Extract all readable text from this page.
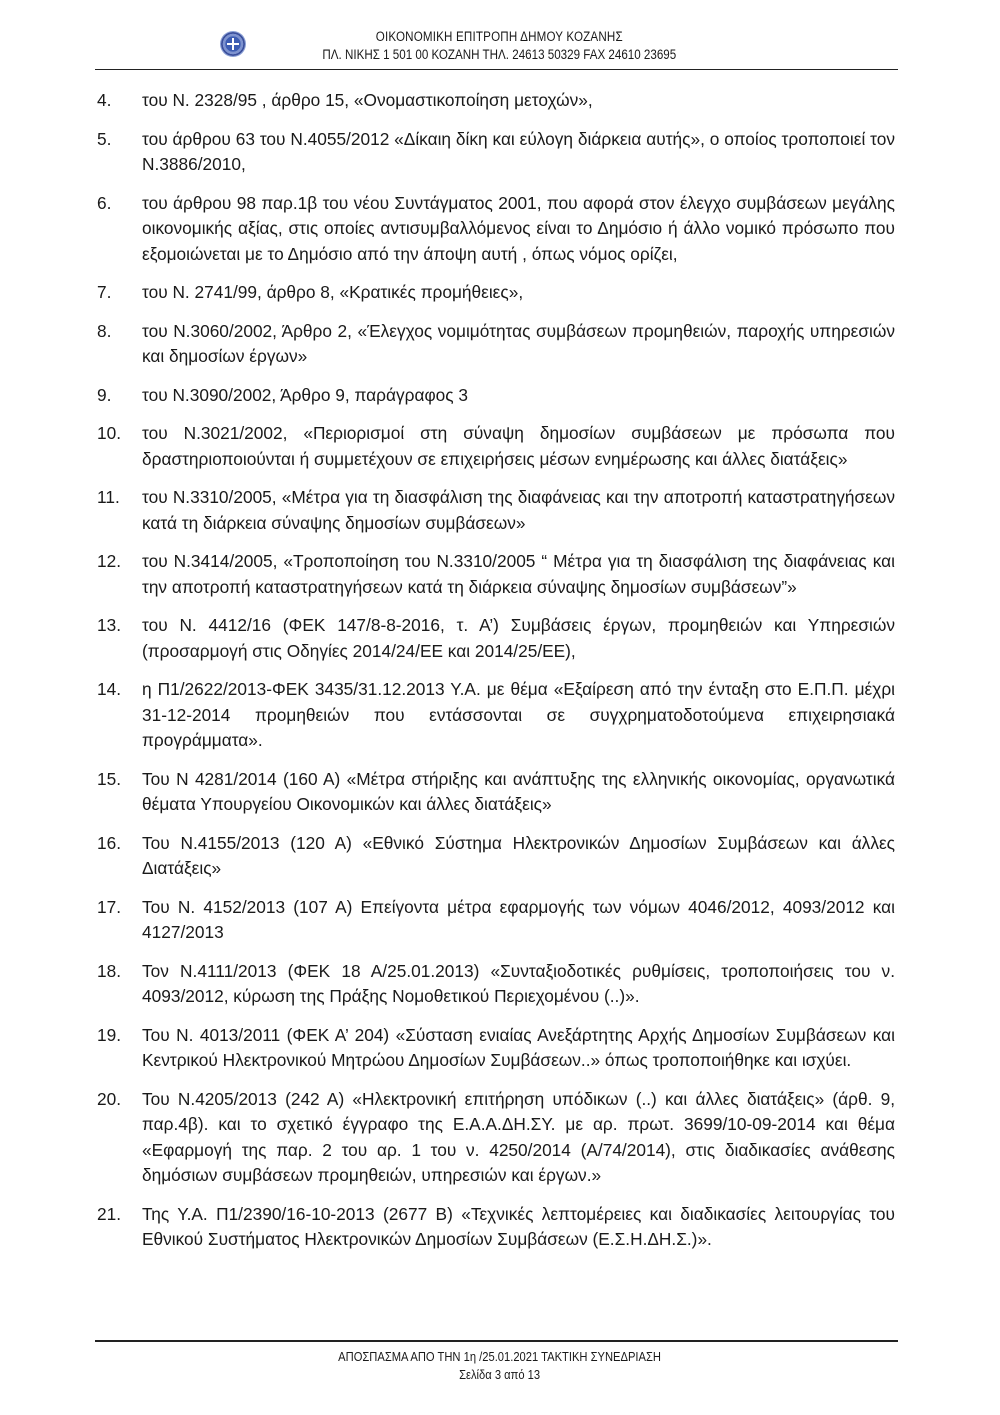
ΟΙΚΟΝΟΜΙΚΗ ΕΠΙΤΡΟΠΗ ΔΗΜΟΥ ΚΟΖΑΝΗΣ
ΠΛ. ΝΙΚΗΣ 1 501 00 ΚΟΖΑΝΗ ΤΗΛ. 24613 50329 FAX 24610 23695
4.	του Ν. 2328/95 , άρθρο 15, «Ονομαστικοποίηση μετοχών»,
5.	του άρθρου 63 του Ν.4055/2012 «Δίκαιη δίκη και εύλογη διάρκεια αυτής», ο οποίος τροποποιεί τον Ν.3886/2010,
6.	του άρθρου 98 παρ.1β του νέου Συντάγματος 2001, που αφορά στον έλεγχο συμβάσεων μεγάλης οικονομικής αξίας, στις οποίες αντισυμβαλλόμενος είναι το Δημόσιο ή άλλο νομικό πρόσωπο που εξομοιώνεται με το Δημόσιο από την άποψη αυτή , όπως νόμος ορίζει,
7.	του Ν. 2741/99, άρθρο 8, «Κρατικές προμήθειες»,
8.	του Ν.3060/2002, Άρθρο 2, «Έλεγχος νομιμότητας συμβάσεων προμηθειών, παροχής υπηρεσιών και δημοσίων έργων»
9.	του Ν.3090/2002, Άρθρο 9, παράγραφος 3
10.	του Ν.3021/2002, «Περιορισμοί στη σύναψη δημοσίων συμβάσεων με πρόσωπα που δραστηριοποιούνται ή συμμετέχουν σε επιχειρήσεις μέσων ενημέρωσης και άλλες διατάξεις»
11.	του Ν.3310/2005, «Μέτρα για τη διασφάλιση της διαφάνειας και την αποτροπή καταστρατηγήσεων κατά τη διάρκεια σύναψης δημοσίων συμβάσεων»
12.	του Ν.3414/2005, «Τροποποίηση του Ν.3310/2005 “ Μέτρα για τη διασφάλιση της διαφάνειας και την αποτροπή καταστρατηγήσεων κατά τη διάρκεια σύναψης δημοσίων συμβάσεων”»
13.	του Ν. 4412/16 (ΦΕΚ 147/8-8-2016, τ. Α’) Συμβάσεις έργων, προμηθειών και Υπηρεσιών (προσαρμογή στις Οδηγίες 2014/24/ΕΕ και 2014/25/ΕΕ),
14.	η Π1/2622/2013-ΦΕΚ 3435/31.12.2013 Υ.Α. με θέμα «Εξαίρεση από την ένταξη στο Ε.Π.Π. μέχρι 31-12-2014 προμηθειών που εντάσσονται σε συγχρηματοδοτούμενα επιχειρησιακά προγράμματα».
15.	Του Ν 4281/2014 (160 Α) «Μέτρα στήριξης και ανάπτυξης της ελληνικής οικονομίας, οργανωτικά θέματα Υπουργείου Οικονομικών και άλλες διατάξεις»
16.	Του Ν.4155/2013 (120 Α) «Εθνικό Σύστημα Ηλεκτρονικών Δημοσίων Συμβάσεων και άλλες Διατάξεις»
17.	Του Ν. 4152/2013 (107 Α) Επείγοντα μέτρα εφαρμογής των νόμων 4046/2012, 4093/2012 και 4127/2013
18.	Τον Ν.4111/2013 (ΦΕΚ 18 Α/25.01.2013) «Συνταξιοδοτικές ρυθμίσεις, τροποποιήσεις του ν. 4093/2012, κύρωση της Πράξης Νομοθετικού Περιεχομένου (..)».
19.	Του Ν. 4013/2011 (ΦΕΚ Α’ 204) «Σύσταση ενιαίας Ανεξάρτητης Αρχής Δημοσίων Συμβάσεων και Κεντρικού Ηλεκτρονικού Μητρώου Δημοσίων Συμβάσεων..» όπως τροποποιήθηκε και ισχύει.
20.	Του Ν.4205/2013 (242 Α) «Ηλεκτρονική επιτήρηση υπόδικων (..) και άλλες διατάξεις» (άρθ. 9, παρ.4β). και το σχετικό έγγραφο της Ε.Α.Α.ΔΗ.ΣΥ. με αρ. πρωτ. 3699/10-09-2014 και θέμα «Εφαρμογή της παρ. 2 του αρ. 1 του ν. 4250/2014 (Α/74/2014), στις διαδικασίες ανάθεσης δημόσιων συμβάσεων προμηθειών, υπηρεσιών και έργων.»
21.	Της Υ.Α. Π1/2390/16-10-2013 (2677 Β) «Τεχνικές λεπτομέρειες και διαδικασίες λειτουργίας του Εθνικού Συστήματος Ηλεκτρονικών Δημοσίων Συμβάσεων (Ε.Σ.Η.ΔΗ.Σ.)».
ΑΠΟΣΠΑΣΜΑ ΑΠΟ ΤΗΝ 1η /25.01.2021 ΤΑΚΤΙΚΗ ΣΥΝΕΔΡΙΑΣΗ
Σελίδα 3 από 13
